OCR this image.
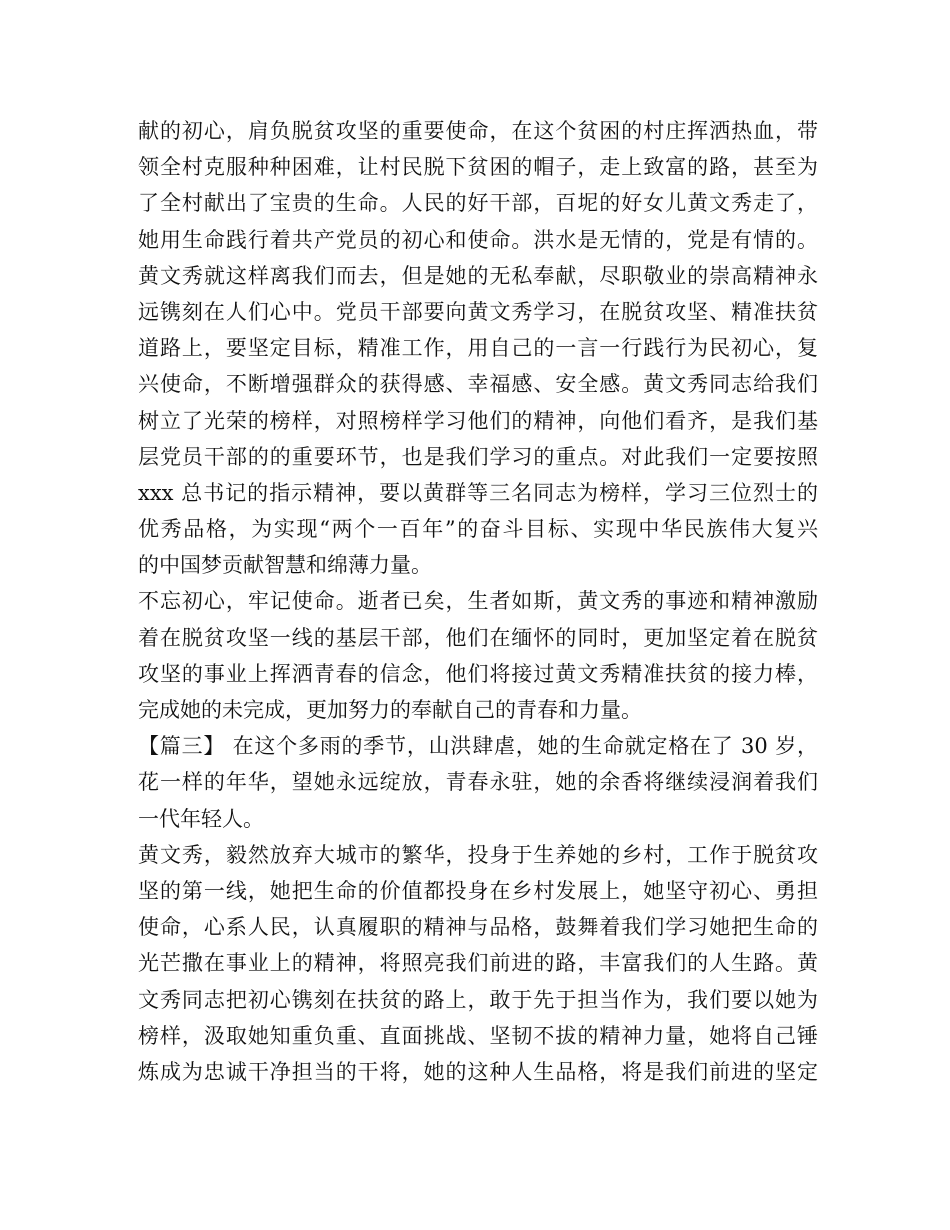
献的初心，肩负脱贫攻坚的重要使命，在这个贫困的村庄挥洒热血，带
领全村克服种种困难，让村民脱下贫困的帽子，走上致富的路，甚至为
了全村献出了宝贵的生命。人民的好干部，百坭的好女儿黄文秀走了，
她用生命践行着共产党员的初心和使命。洪水是无情的，党是有情的。
黄文秀就这样离我们而去，但是她的无私奉献，尽职敬业的崇高精神永
远镌刻在人们心中。党员干部要向黄文秀学习，在脱贫攻坚、精准扶贫
道路上，要坚定目标，精准工作，用自己的一言一行践行为民初心，复
兴使命，不断增强群众的获得感、幸福感、安全感。黄文秀同志给我们
树立了光荣的榜样，对照榜样学习他们的精神，向他们看齐，是我们基
层党员干部的的重要环节，也是我们学习的重点。对此我们一定要按照
xxx 总书记的指示精神，要以黄群等三名同志为榜样，学习三位烈士的
优秀品格，为实现“两个一百年”的奋斗目标、实现中华民族伟大复兴
的中国梦贡献智慧和绵薄力量。
不忘初心，牢记使命。逝者已矣，生者如斯，黄文秀的事迹和精神激励
着在脱贫攻坚一线的基层干部，他们在缅怀的同时，更加坚定着在脱贫
攻坚的事业上挥洒青春的信念，他们将接过黄文秀精准扶贫的接力棒，
完成她的未完成，更加努力的奉献自己的青春和力量。
【篇三】 在这个多雨的季节，山洪肆虐，她的生命就定格在了 30 岁，
花一样的年华，望她永远绽放，青春永驻，她的余香将继续浸润着我们
一代年轻人。
黄文秀，毅然放弃大城市的繁华，投身于生养她的乡村，工作于脱贫攻
坚的第一线，她把生命的价值都投身在乡村发展上，她坚守初心、勇担
使命，心系人民，认真履职的精神与品格，鼓舞着我们学习她把生命的
光芒撒在事业上的精神，将照亮我们前进的路，丰富我们的人生路。黄
文秀同志把初心镌刻在扶贫的路上，敢于先于担当作为，我们要以她为
榜样，汲取她知重负重、直面挑战、坚韧不拔的精神力量，她将自己锤
炼成为忠诚干净担当的干将，她的这种人生品格，将是我们前进的坚定
